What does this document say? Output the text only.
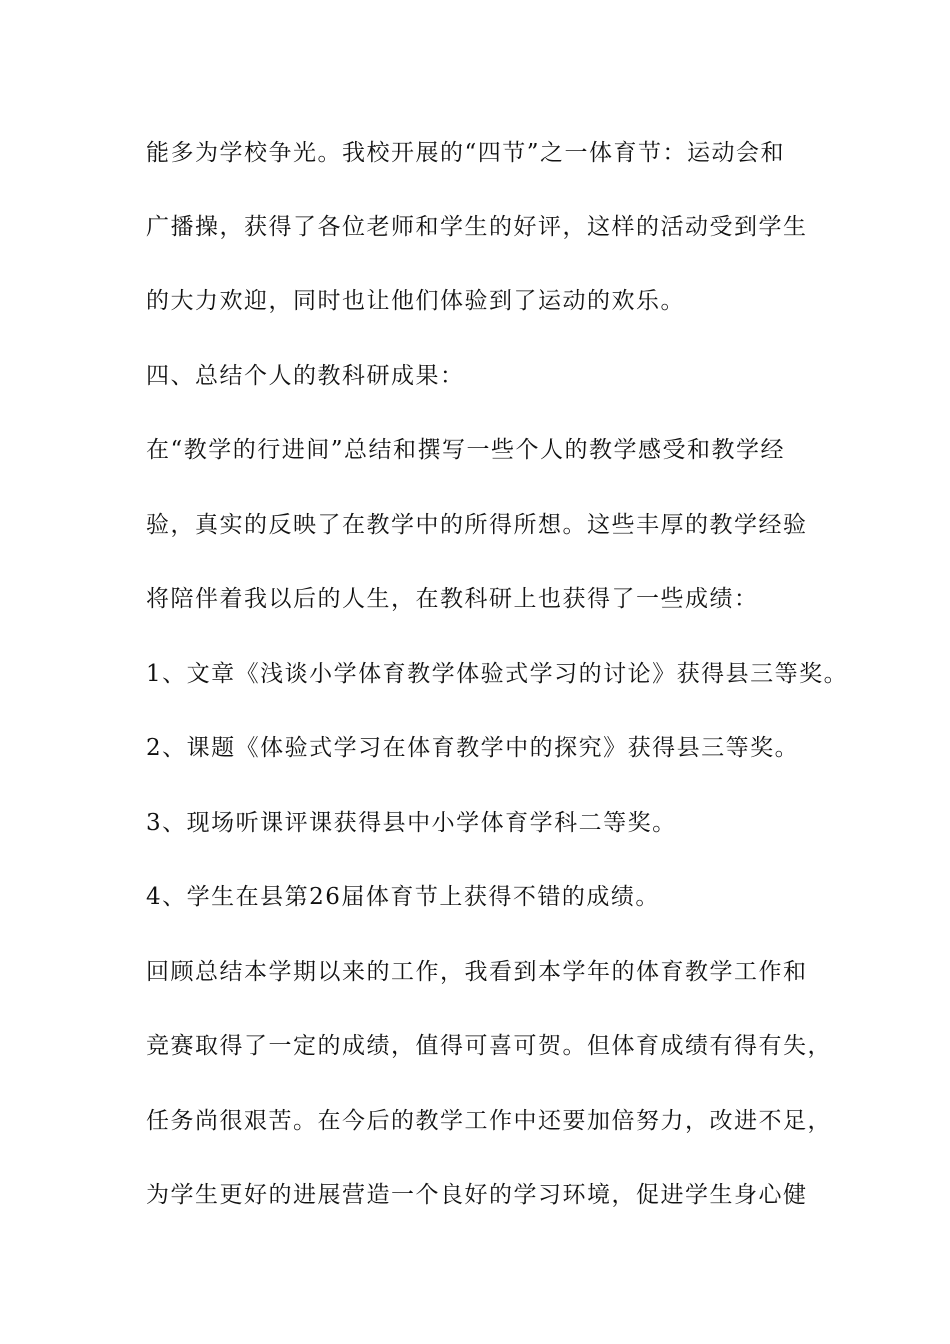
能多为学校争光。我校开展的“四节”之一体育节：运动会和
广播操，获得了各位老师和学生的好评，这样的活动受到学生
的大力欢迎，同时也让他们体验到了运动的欢乐。
四、总结个人的教科研成果：
在“教学的行进间”总结和撰写一些个人的教学感受和教学经
验，真实的反映了在教学中的所得所想。这些丰厚的教学经验
将陪伴着我以后的人生，在教科研上也获得了一些成绩：
1、文章《浅谈小学体育教学体验式学习的讨论》获得县三等奖。
2、课题《体验式学习在体育教学中的探究》获得县三等奖。
3、现场听课评课获得县中小学体育学科二等奖。
4、学生在县第26届体育节上获得不错的成绩。
回顾总结本学期以来的工作，我看到本学年的体育教学工作和
竞赛取得了一定的成绩，值得可喜可贺。但体育成绩有得有失，
任务尚很艰苦。在今后的教学工作中还要加倍努力，改进不足，
为学生更好的进展营造一个良好的学习环境，促进学生身心健
